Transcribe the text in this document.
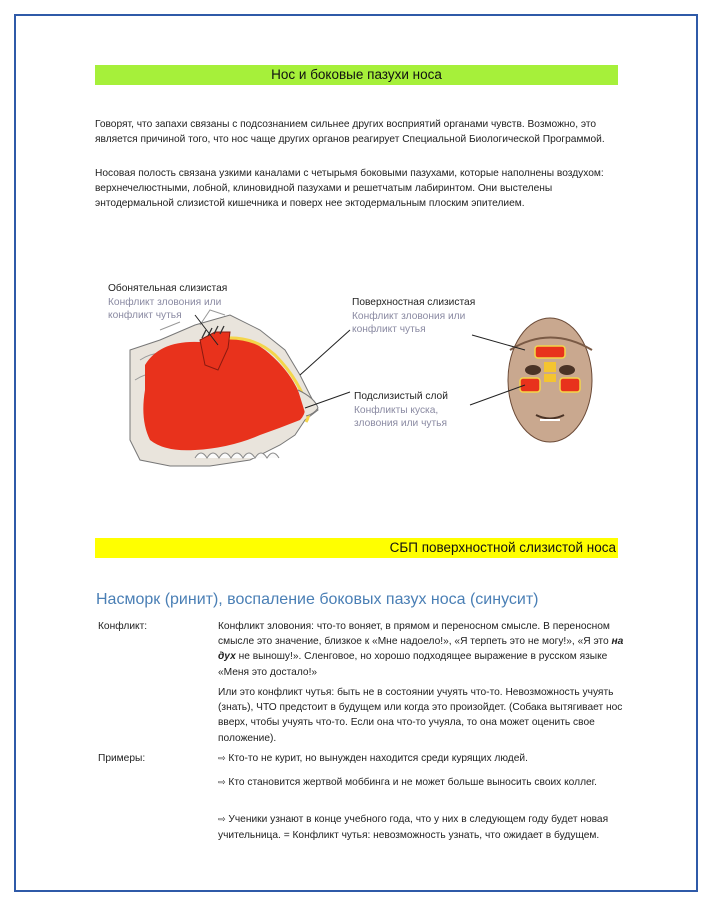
Нос и боковые пазухи носа
Говорят, что запахи связаны с подсознанием сильнее других восприятий органами чувств. Возможно, это является причиной того, что нос чаще других органов реагирует Специальной Биологической Программой.
Носовая полость связана узкими каналами с четырьмя боковыми пазухами, которые наполнены воздухом: верхнечелюстными, лобной, клиновидной пазухами и решетчатым лабиринтом. Они выстелены энтодермальной слизистой кишечника и поверх нее эктодермальным плоским эпителием.
Обонятельная слизистая
Конфликт зловония или
конфликт чутья
Поверхностная слизистая
Конфликт зловония или
конфликт чутья
Подслизистый слой
Конфликты куска,
зловония или чутья
СБП поверхностной слизистой носа
Насморк (ринит), воспаление боковых пазух носа (синусит)
Конфликт:	Конфликт зловония: что-то воняет, в прямом и переносном смысле. В переносном смысле это значение, близкое к «Мне надоело!», «Я терпеть это не могу!», «Я это на дух не выношу!». Сленговое, но хорошо подходящее выражение в русском языке «Меня это достало!»
Или это конфликт чутья: быть не в состоянии учуять что-то. Невозможность учуять (знать), ЧТО предстоит в будущем или когда это произойдет. (Собака вытягивает нос вверх, чтобы учуять что-то. Если она что-то учуяла, то она может оценить свое положение).
Примеры:	⇨ Кто-то не курит, но вынужден находится среди курящих людей.
⇨ Кто становится жертвой моббинга и не может больше выносить своих коллег.
⇨ Ученики узнают в конце учебного года, что у них в следующем году будет новая учительница. = Конфликт чутья: невозможность узнать, что ожидает в будущем.
